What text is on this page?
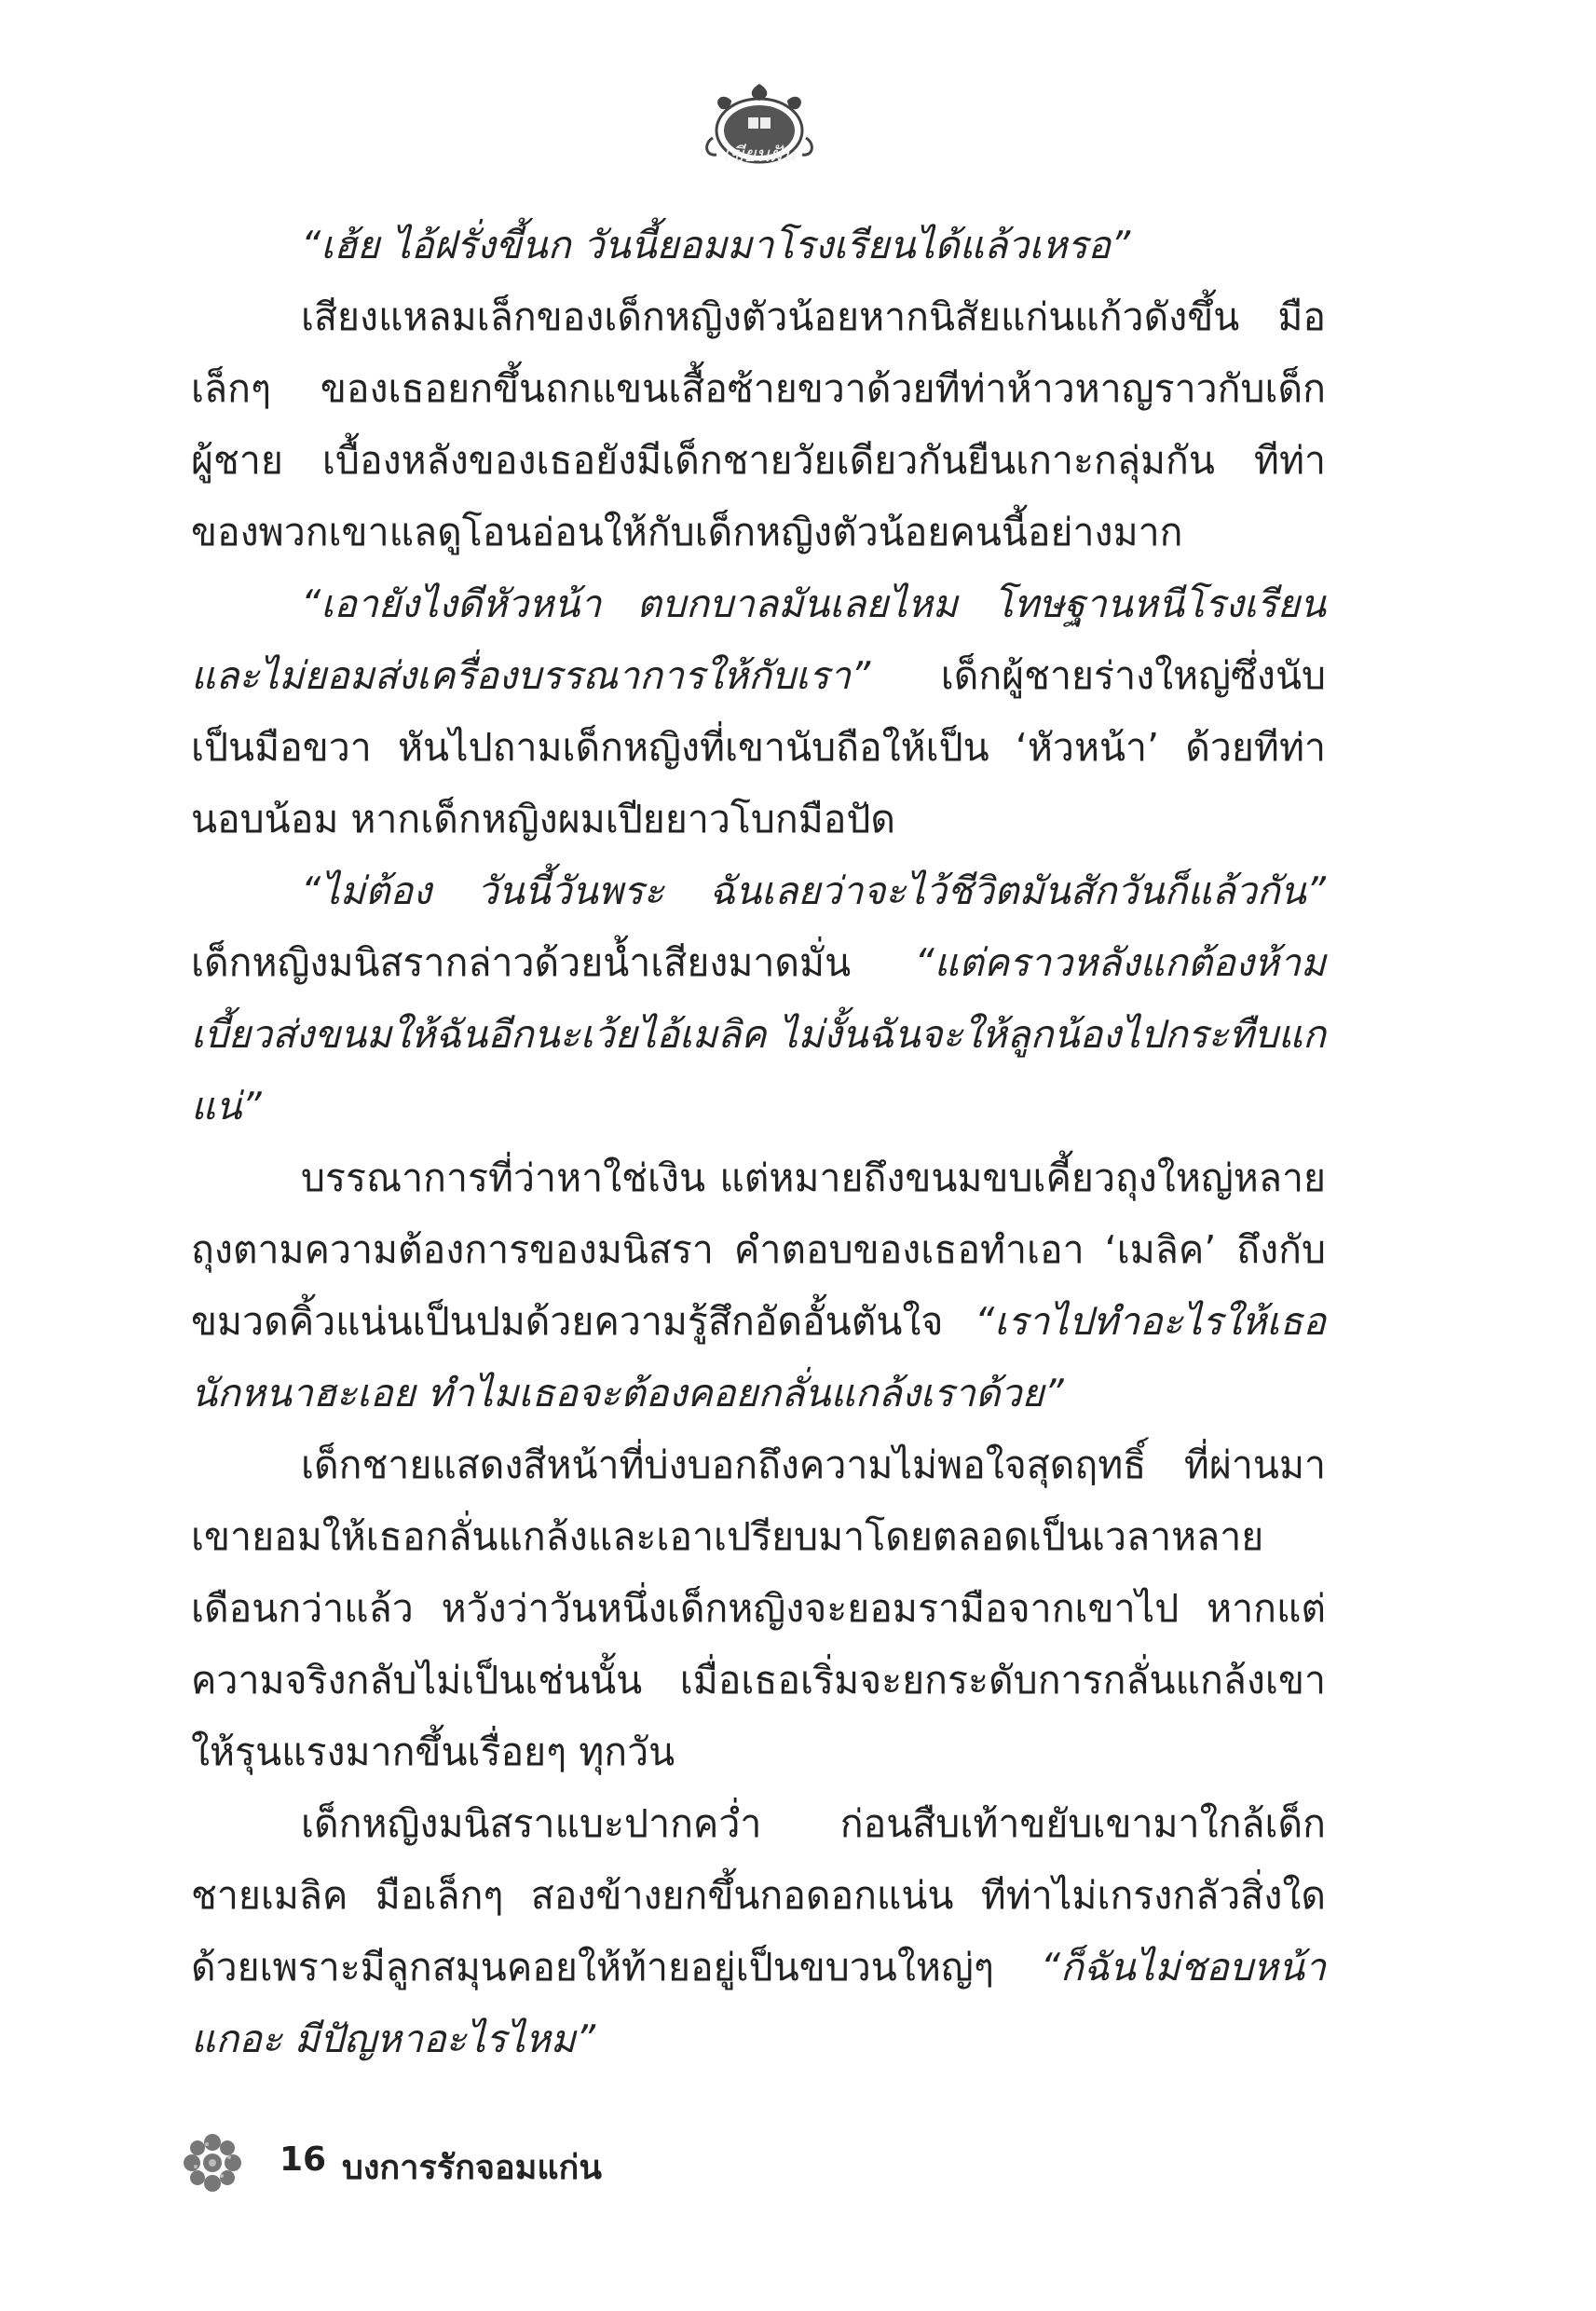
เขียนฝัน

“เฮ้ย ไอ้ฝรั่งขี้นก วันนี้ยอมมาโรงเรียนได้แล้วเหรอ”

เสียงแหลมเล็กของเด็กหญิงตัวน้อยหากนิสัยแก่นแก้วดังขึ้น มือเล็กๆ ของเธอยกขึ้นถกแขนเสื้อซ้ายขวาด้วยทีท่าห้าวหาญราวกับเด็กผู้ชาย เบื้องหลังของเธอยังมีเด็กชายวัยเดียวกันยืนเกาะกลุ่มกัน ทีท่าของพวกเขาแลดูโอนอ่อนให้กับเด็กหญิงตัวน้อยคนนี้อย่างมาก

“เอายังไงดีหัวหน้า ตบกบาลมันเลยไหม โทษฐานหนีโรงเรียนและไม่ยอมส่งเครื่องบรรณาการให้กับเรา” เด็กผู้ชายร่างใหญ่ซึ่งนับเป็นมือขวา หันไปถามเด็กหญิงที่เขานับถือให้เป็น ‘หัวหน้า’ ด้วยทีท่านอบน้อม หากเด็กหญิงผมเปียยาวโบกมือปัด

“ไม่ต้อง วันนี้วันพระ ฉันเลยว่าจะไว้ชีวิตมันสักวันก็แล้วกัน” เด็กหญิงมนิสรากล่าวด้วยน้ำเสียงมาดมั่น “แต่คราวหลังแกต้องห้ามเบี้ยวส่งขนมให้ฉันอีกนะเว้ยไอ้เมลิค ไม่งั้นฉันจะให้ลูกน้องไปกระทืบแกแน่”

บรรณาการที่ว่าหาใช่เงิน แต่หมายถึงขนมขบเคี้ยวถุงใหญ่หลายถุงตามความต้องการของมนิสรา คำตอบของเธอทำเอา ‘เมลิค’ ถึงกับขมวดคิ้วแน่นเป็นปมด้วยความรู้สึกอัดอั้นตันใจ “เราไปทำอะไรให้เธอนักหนาฮะเอย ทำไมเธอจะต้องคอยกลั่นแกล้งเราด้วย”

เด็กชายแสดงสีหน้าที่บ่งบอกถึงความไม่พอใจสุดฤทธิ์ ที่ผ่านมาเขายอมให้เธอกลั่นแกล้งและเอาเปรียบมาโดยตลอดเป็นเวลาหลายเดือนกว่าแล้ว หวังว่าวันหนึ่งเด็กหญิงจะยอมรามือจากเขาไป หากแต่ความจริงกลับไม่เป็นเช่นนั้น เมื่อเธอเริ่มจะยกระดับการกลั่นแกล้งเขาให้รุนแรงมากขึ้นเรื่อยๆ ทุกวัน

เด็กหญิงมนิสราแบะปากคว่ำ ก่อนสืบเท้าขยับเขามาใกล้เด็กชายเมลิค มือเล็กๆ สองข้างยกขึ้นกอดอกแน่น ทีท่าไม่เกรงกลัวสิ่งใดด้วยเพราะมีลูกสมุนคอยให้ท้ายอยู่เป็นขบวนใหญ่ๆ “ก็ฉันไม่ชอบหน้าแกอะ มีปัญหาอะไรไหม”

16 บงการรักจอมแก่น
